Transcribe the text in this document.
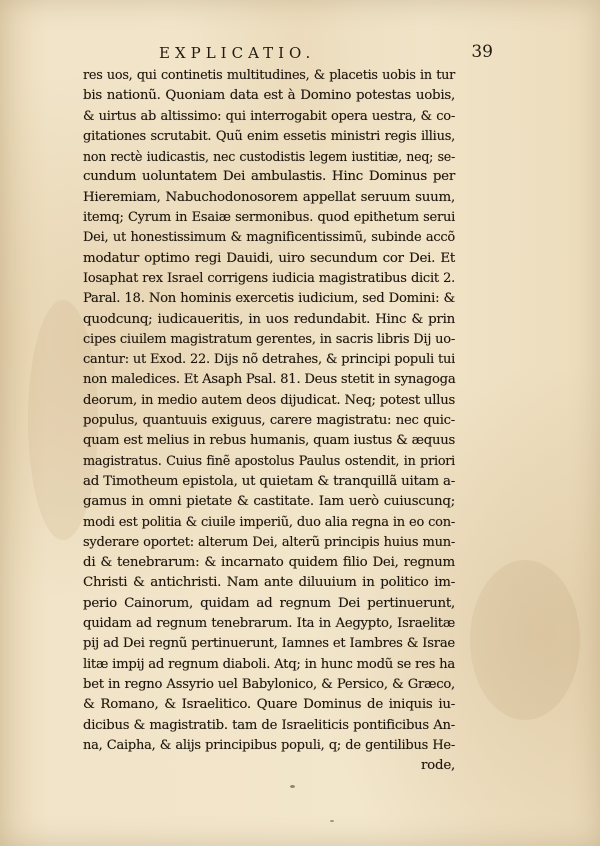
EXPLICATIO.	39
res uos, qui continetis multitudines, & placetis uobis in tur
bis nationũ. Quoniam data est à Domino potestas uobis,
& uirtus ab altissimo: qui interrogabit opera uestra, & co-
gitationes scrutabit. Quũ enim essetis ministri regis illius,
non rectè iudicastis, nec custodistis legem iustitiæ, neq; se-
cundum uoluntatem Dei ambulastis. Hinc Dominus per
Hieremiam, Nabuchodonosorem appellat seruum suum,
itemq; Cyrum in Esaiæ sermonibus. quod epithetum serui
Dei, ut honestissimum & magnificentissimũ, subinde accõ
modatur optimo regi Dauidi, uiro secundum cor Dei. Et
Iosaphat rex Israel corrigens iudicia magistratibus dicit 2.
Paral. 18. Non hominis exercetis iudicium, sed Domini: &
quodcunq; iudicaueritis, in uos redundabit. Hinc & prin
cipes ciuilem magistratum gerentes, in sacris libris Dij uo-
cantur: ut Exod. 22. Dijs nõ detrahes, & principi populi tui
non maledices. Et Asaph Psal. 81. Deus stetit in synagoga
deorum, in medio autem deos dijudicat. Neq; potest ullus
populus, quantuuis exiguus, carere magistratu: nec quic-
quam est melius in rebus humanis, quam iustus & æquus
magistratus. Cuius finẽ apostolus Paulus ostendit, in priori
ad Timotheum epistola, ut quietam & tranquillã uitam a-
gamus in omni pietate & castitate. Iam uerò cuiuscunq;
modi est politia & ciuile imperiũ, duo alia regna in eo con-
syderare oportet: alterum Dei, alterũ principis huius mun-
di & tenebrarum: & incarnato quidem filio Dei, regnum
Christi & antichristi. Nam ante diluuium in politico im-
perio Cainorum, quidam ad regnum Dei pertinuerunt,
quidam ad regnum tenebrarum. Ita in Aegypto, Israelitæ
pij ad Dei regnũ pertinuerunt, Iamnes et Iambres & Israe
litæ impij ad regnum diaboli. Atq; in hunc modũ se res ha
bet in regno Assyrio uel Babylonico, & Persico, & Græco,
& Romano, & Israelitico. Quare Dominus de iniquis iu-
dicibus & magistratib. tam de Israeliticis pontificibus An-
na, Caipha, & alijs principibus populi, q; de gentilibus He-
rode,
